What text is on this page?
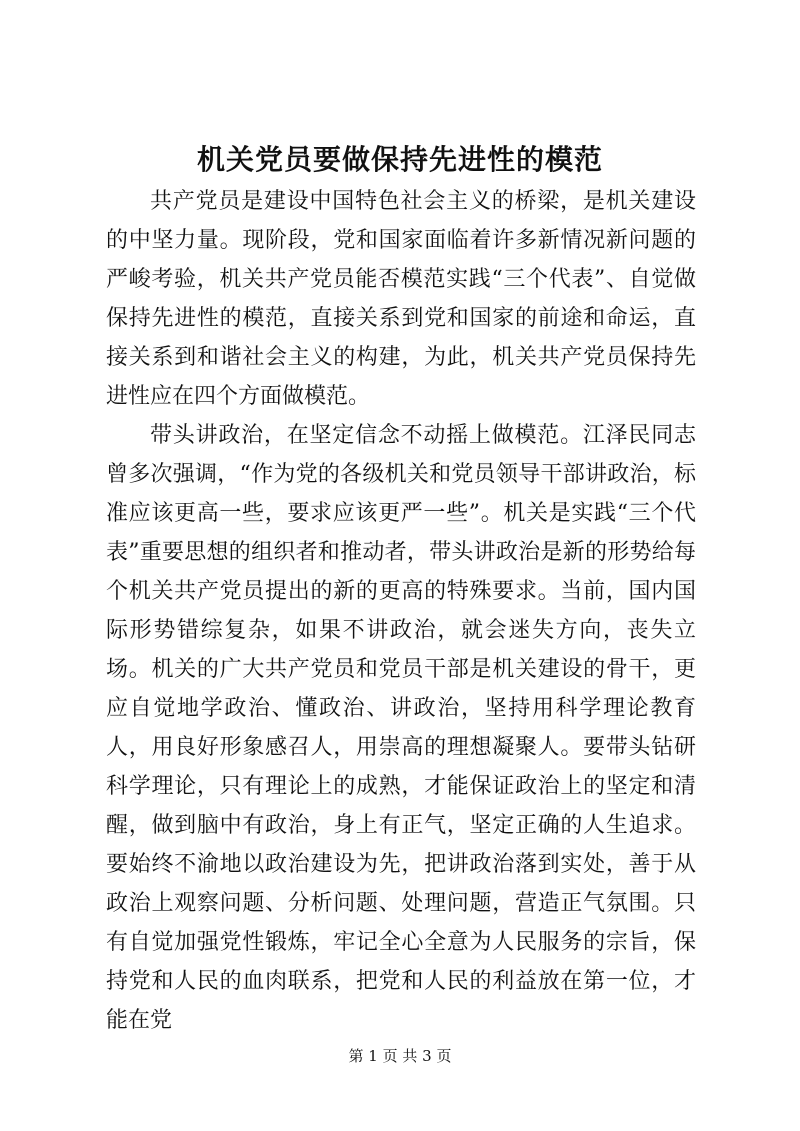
机关党员要做保持先进性的模范

共产党员是建设中国特色社会主义的桥梁，是机关建设的中坚力量。现阶段，党和国家面临着许多新情况新问题的严峻考验，机关共产党员能否模范实践“三个代表”、自觉做保持先进性的模范，直接关系到党和国家的前途和命运，直接关系到和谐社会主义的构建，为此，机关共产党员保持先进性应在四个方面做模范。

带头讲政治，在坚定信念不动摇上做模范。江泽民同志曾多次强调，“作为党的各级机关和党员领导干部讲政治，标准应该更高一些，要求应该更严一些”。机关是实践“三个代表”重要思想的组织者和推动者，带头讲政治是新的形势给每个机关共产党员提出的新的更高的特殊要求。当前，国内国际形势错综复杂，如果不讲政治，就会迷失方向，丧失立场。机关的广大共产党员和党员干部是机关建设的骨干，更应自觉地学政治、懂政治、讲政治，坚持用科学理论教育人，用良好形象感召人，用崇高的理想凝聚人。要带头钻研科学理论，只有理论上的成熟，才能保证政治上的坚定和清醒，做到脑中有政治，身上有正气，坚定正确的人生追求。要始终不渝地以政治建设为先，把讲政治落到实处，善于从政治上观察问题、分析问题、处理问题，营造正气氛围。只有自觉加强党性锻炼，牢记全心全意为人民服务的宗旨，保持党和人民的血肉联系，把党和人民的利益放在第一位，才能在党

第 1 页 共 3 页
